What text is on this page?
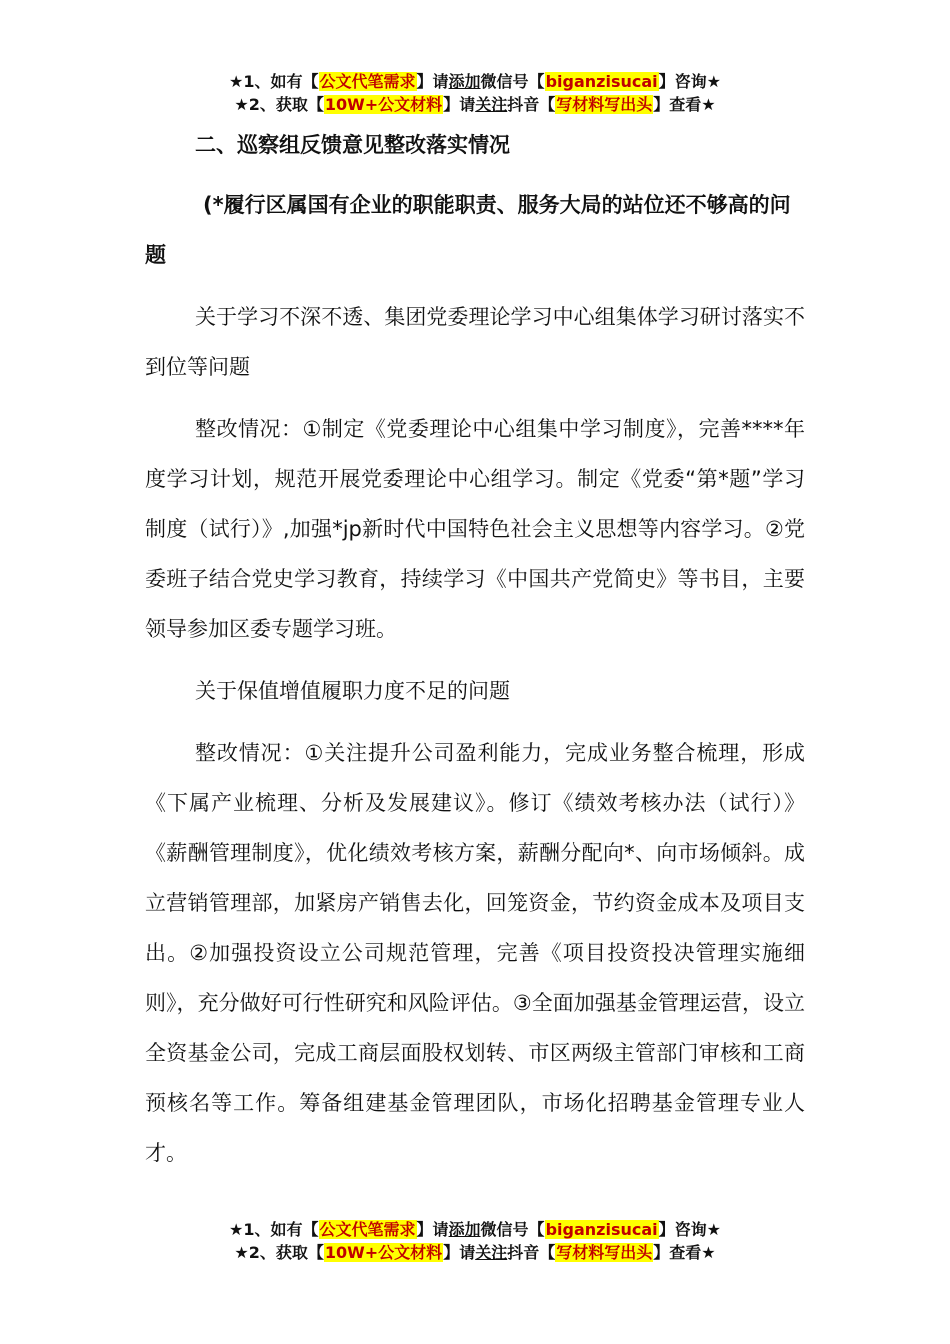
★1、如有【公文代笔需求】请添加微信号【biganzisucai】咨询★
★2、获取【10W+公文材料】请关注抖音【写材料写出头】查看★

二、巡察组反馈意见整改落实情况

(*履行区属国有企业的职能职责、服务大局的站位还不够高的问题

关于学习不深不透、集团党委理论学习中心组集体学习研讨落实不到位等问题

整改情况：①制定《党委理论中心组集中学习制度》，完善****年度学习计划，规范开展党委理论中心组学习。制定《党委“第*题”学习制度（试行）》,加强*jp新时代中国特色社会主义思想等内容学习。②党委班子结合党史学习教育，持续学习《中国共产党简史》等书目，主要领导参加区委专题学习班。

关于保值增值履职力度不足的问题

整改情况：①关注提升公司盈利能力，完成业务整合梳理，形成《下属产业梳理、分析及发展建议》。修订《绩效考核办法（试行）》《薪酬管理制度》，优化绩效考核方案，薪酬分配向*、向市场倾斜。成立营销管理部，加紧房产销售去化，回笼资金，节约资金成本及项目支出。②加强投资设立公司规范管理，完善《项目投资投决管理实施细则》，充分做好可行性研究和风险评估。③全面加强基金管理运营，设立全资基金公司，完成工商层面股权划转、市区两级主管部门审核和工商预核名等工作。筹备组建基金管理团队，市场化招聘基金管理专业人才。

★1、如有【公文代笔需求】请添加微信号【biganzisucai】咨询★
★2、获取【10W+公文材料】请关注抖音【写材料写出头】查看★
